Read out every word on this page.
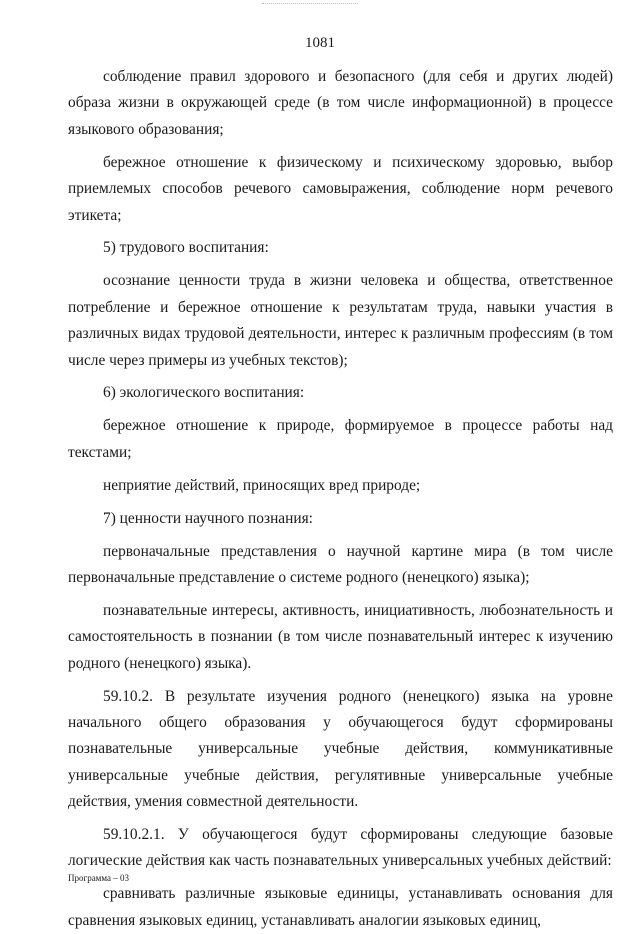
1081

соблюдение правил здорового и безопасного (для себя и других людей) образа жизни в окружающей среде (в том числе информационной) в процессе языкового образования;

бережное отношение к физическому и психическому здоровью, выбор приемлемых способов речевого самовыражения, соблюдение норм речевого этикета;

5) трудового воспитания:

осознание ценности труда в жизни человека и общества, ответственное потребление и бережное отношение к результатам труда, навыки участия в различных видах трудовой деятельности, интерес к различным профессиям (в том числе через примеры из учебных текстов);

6) экологического воспитания:

бережное отношение к природе, формируемое в процессе работы над текстами;

неприятие действий, приносящих вред природе;

7) ценности научного познания:

первоначальные представления о научной картине мира (в том числе первоначальные представление о системе родного (ненецкого) языка);

познавательные интересы, активность, инициативность, любознательность и самостоятельность в познании (в том числе познавательный интерес к изучению родного (ненецкого) языка).

59.10.2. В результате изучения родного (ненецкого) языка на уровне начального общего образования у обучающегося будут сформированы познавательные универсальные учебные действия, коммуникативные универсальные учебные действия, регулятивные универсальные учебные действия, умения совместной деятельности.

59.10.2.1. У обучающегося будут сформированы следующие базовые логические действия как часть познавательных универсальных учебных действий:

сравнивать различные языковые единицы, устанавливать основания для сравнения языковых единиц, устанавливать аналогии языковых единиц,

Программа – 03
